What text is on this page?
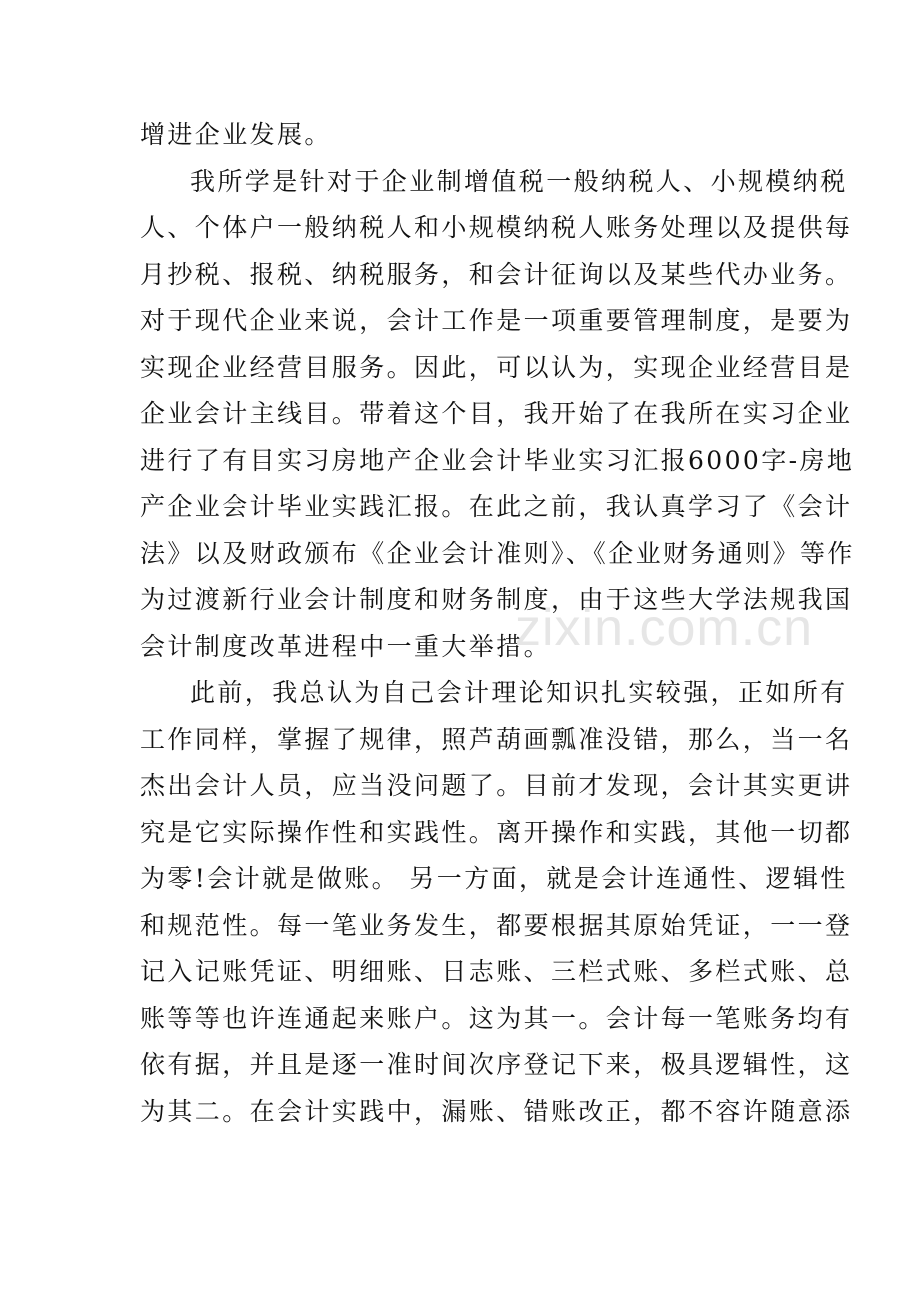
增进企业发展。
我所学是针对于企业制增值税一般纳税人、小规模纳税
人、个体户一般纳税人和小规模纳税人账务处理以及提供每
月抄税、报税、纳税服务，和会计征询以及某些代办业务。
对于现代企业来说，会计工作是一项重要管理制度，是要为
实现企业经营目服务。因此，可以认为，实现企业经营目是
企业会计主线目。带着这个目，我开始了在我所在实习企业
进行了有目实习房地产企业会计毕业实习汇报6000字-房地
产企业会计毕业实践汇报。在此之前，我认真学习了《会计
法》以及财政颁布《企业会计准则》、《企业财务通则》等作
为过渡新行业会计制度和财务制度，由于这些大学法规我国
会计制度改革进程中一重大举措。
此前，我总认为自己会计理论知识扎实较强，正如所有
工作同样，掌握了规律，照芦葫画瓢准没错，那么，当一名
杰出会计人员，应当没问题了。目前才发现，会计其实更讲
究是它实际操作性和实践性。离开操作和实践，其他一切都
为零!会计就是做账。 另一方面，就是会计连通性、逻辑性
和规范性。每一笔业务发生，都要根据其原始凭证，一一登
记入记账凭证、明细账、日志账、三栏式账、多栏式账、总
账等等也许连通起来账户。这为其一。会计每一笔账务均有
依有据，并且是逐一准时间次序登记下来，极具逻辑性，这
为其二。在会计实践中，漏账、错账改正，都不容许随意添
zixin.com.cn
